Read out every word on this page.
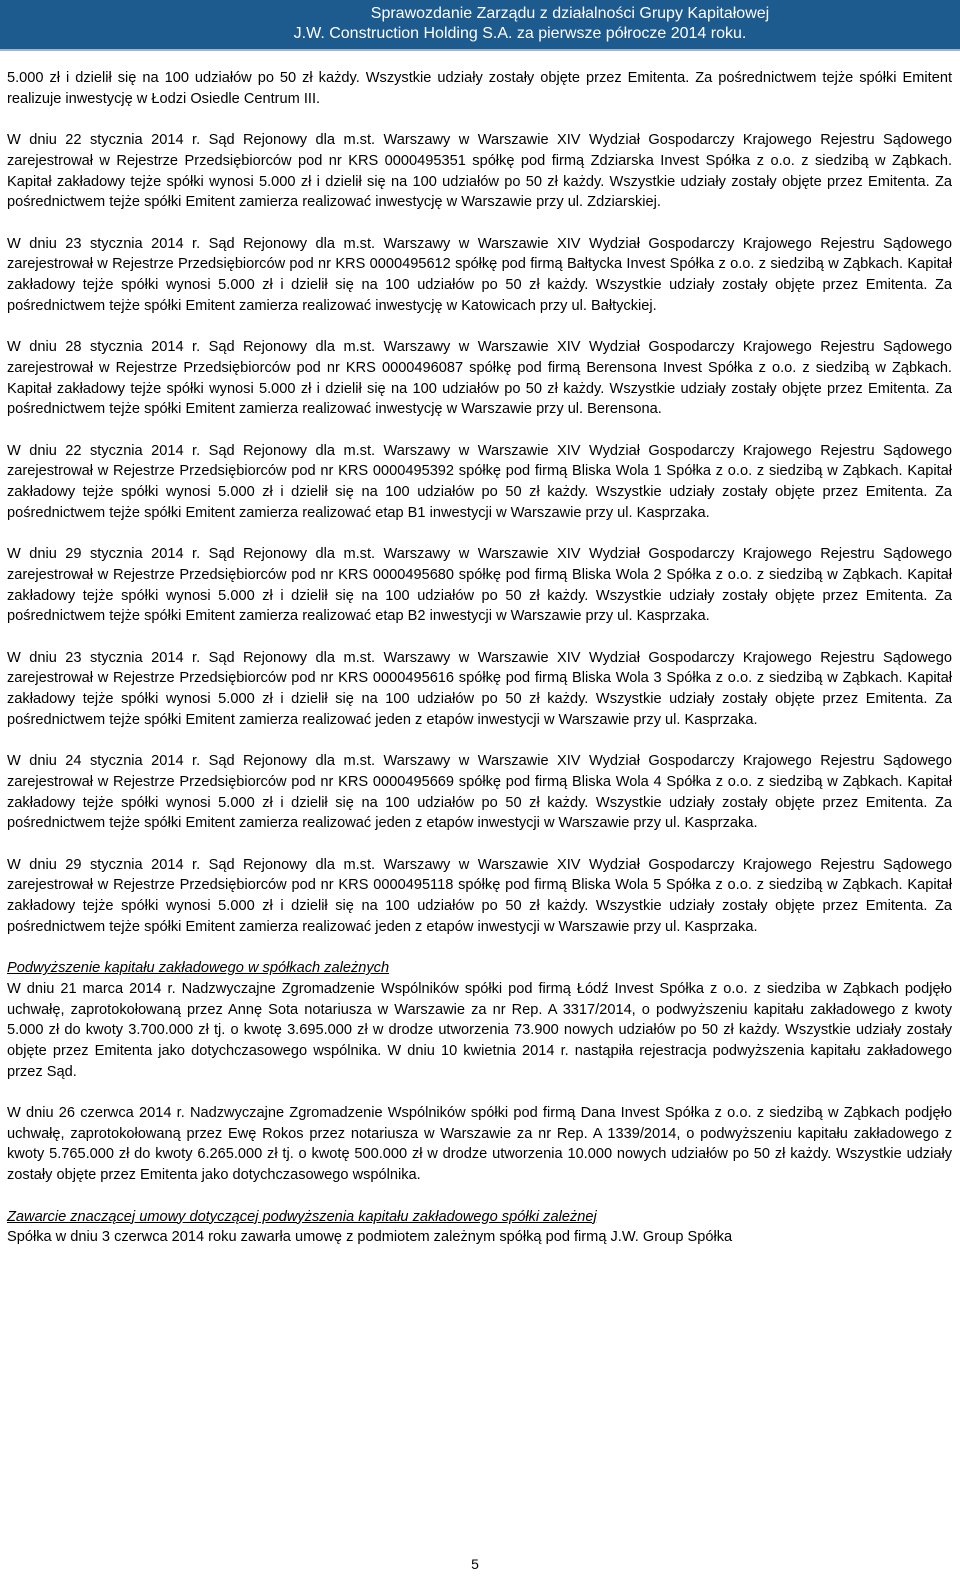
Sprawozdanie Zarządu z działalności Grupy Kapitałowej
J.W. Construction Holding S.A. za pierwsze półrocze 2014 roku.

5.000 zł i dzielił się na 100 udziałów po 50 zł każdy. Wszystkie udziały zostały objęte przez Emitenta. Za pośrednictwem tejże spółki Emitent realizuje inwestycję w Łodzi Osiedle Centrum III.

W dniu 22 stycznia 2014 r. Sąd Rejonowy dla m.st. Warszawy w Warszawie XIV Wydział Gospodarczy Krajowego Rejestru Sądowego zarejestrował w Rejestrze Przedsiębiorców pod nr KRS 0000495351 spółkę pod firmą Zdziarska Invest Spółka z o.o. z siedzibą w Ząbkach. Kapitał zakładowy tejże spółki wynosi 5.000 zł i dzielił się na 100 udziałów po 50 zł każdy. Wszystkie udziały zostały objęte przez Emitenta. Za pośrednictwem tejże spółki Emitent zamierza realizować inwestycję w Warszawie przy ul. Zdziarskiej.

W dniu 23 stycznia 2014 r. Sąd Rejonowy dla m.st. Warszawy w Warszawie XIV Wydział Gospodarczy Krajowego Rejestru Sądowego zarejestrował w Rejestrze Przedsiębiorców pod nr KRS 0000495612 spółkę pod firmą Bałtycka Invest Spółka z o.o. z siedzibą w Ząbkach. Kapitał zakładowy tejże spółki wynosi 5.000 zł i dzielił się na 100 udziałów po 50 zł każdy. Wszystkie udziały zostały objęte przez Emitenta. Za pośrednictwem tejże spółki Emitent zamierza realizować inwestycję w Katowicach przy ul. Bałtyckiej.

W dniu 28 stycznia 2014 r. Sąd Rejonowy dla m.st. Warszawy w Warszawie XIV Wydział Gospodarczy Krajowego Rejestru Sądowego zarejestrował w Rejestrze Przedsiębiorców pod nr KRS 0000496087 spółkę pod firmą Berensona Invest Spółka z o.o. z siedzibą w Ząbkach. Kapitał zakładowy tejże spółki wynosi 5.000 zł i dzielił się na 100 udziałów po 50 zł każdy. Wszystkie udziały zostały objęte przez Emitenta. Za pośrednictwem tejże spółki Emitent zamierza realizować inwestycję w Warszawie przy ul. Berensona.

W dniu 22 stycznia 2014 r. Sąd Rejonowy dla m.st. Warszawy w Warszawie XIV Wydział Gospodarczy Krajowego Rejestru Sądowego zarejestrował w Rejestrze Przedsiębiorców pod nr KRS 0000495392 spółkę pod firmą Bliska Wola 1 Spółka z o.o. z siedzibą w Ząbkach. Kapitał zakładowy tejże spółki wynosi 5.000 zł i dzielił się na 100 udziałów po 50 zł każdy. Wszystkie udziały zostały objęte przez Emitenta. Za pośrednictwem tejże spółki Emitent zamierza realizować etap B1 inwestycji w Warszawie przy ul. Kasprzaka.

W dniu 29 stycznia 2014 r. Sąd Rejonowy dla m.st. Warszawy w Warszawie XIV Wydział Gospodarczy Krajowego Rejestru Sądowego zarejestrował w Rejestrze Przedsiębiorców pod nr KRS 0000495680 spółkę pod firmą Bliska Wola 2 Spółka z o.o. z siedzibą w Ząbkach. Kapitał zakładowy tejże spółki wynosi 5.000 zł i dzielił się na 100 udziałów po 50 zł każdy. Wszystkie udziały zostały objęte przez Emitenta. Za pośrednictwem tejże spółki Emitent zamierza realizować etap B2 inwestycji w Warszawie przy ul. Kasprzaka.

W dniu 23 stycznia 2014 r. Sąd Rejonowy dla m.st. Warszawy w Warszawie XIV Wydział Gospodarczy Krajowego Rejestru Sądowego zarejestrował w Rejestrze Przedsiębiorców pod nr KRS 0000495616 spółkę pod firmą Bliska Wola 3 Spółka z o.o. z siedzibą w Ząbkach. Kapitał zakładowy tejże spółki wynosi 5.000 zł i dzielił się na 100 udziałów po 50 zł każdy. Wszystkie udziały zostały objęte przez Emitenta. Za pośrednictwem tejże spółki Emitent zamierza realizować jeden z etapów inwestycji w Warszawie przy ul. Kasprzaka.

W dniu 24 stycznia 2014 r. Sąd Rejonowy dla m.st. Warszawy w Warszawie XIV Wydział Gospodarczy Krajowego Rejestru Sądowego zarejestrował w Rejestrze Przedsiębiorców pod nr KRS 0000495669 spółkę pod firmą Bliska Wola 4 Spółka z o.o. z siedzibą w Ząbkach. Kapitał zakładowy tejże spółki wynosi 5.000 zł i dzielił się na 100 udziałów po 50 zł każdy. Wszystkie udziały zostały objęte przez Emitenta. Za pośrednictwem tejże spółki Emitent zamierza realizować jeden z etapów inwestycji w Warszawie przy ul. Kasprzaka.

W dniu 29 stycznia 2014 r. Sąd Rejonowy dla m.st. Warszawy w Warszawie XIV Wydział Gospodarczy Krajowego Rejestru Sądowego zarejestrował w Rejestrze Przedsiębiorców pod nr KRS 0000495118 spółkę pod firmą Bliska Wola 5 Spółka z o.o. z siedzibą w Ząbkach. Kapitał zakładowy tejże spółki wynosi 5.000 zł i dzielił się na 100 udziałów po 50 zł każdy. Wszystkie udziały zostały objęte przez Emitenta. Za pośrednictwem tejże spółki Emitent zamierza realizować jeden z etapów inwestycji w Warszawie przy ul. Kasprzaka.

Podwyższenie kapitału zakładowego w spółkach zależnych

W dniu 21 marca 2014 r. Nadzwyczajne Zgromadzenie Wspólników spółki pod firmą Łódź Invest Spółka z o.o. z siedziba w Ząbkach podjęło uchwałę, zaprotokołowaną przez Annę Sota notariusza w Warszawie za nr Rep. A 3317/2014, o podwyższeniu kapitału zakładowego z kwoty 5.000 zł do kwoty 3.700.000 zł tj. o kwotę 3.695.000 zł w drodze utworzenia 73.900 nowych udziałów po 50 zł każdy. Wszystkie udziały zostały objęte przez Emitenta jako dotychczasowego wspólnika. W dniu 10 kwietnia 2014 r. nastąpiła rejestracja podwyższenia kapitału zakładowego przez Sąd.

W dniu 26 czerwca 2014 r. Nadzwyczajne Zgromadzenie Wspólników spółki pod firmą Dana Invest Spółka z o.o. z siedzibą w Ząbkach podjęło uchwałę, zaprotokołowaną przez Ewę Rokos przez notariusza w Warszawie za nr Rep. A 1339/2014, o podwyższeniu kapitału zakładowego z kwoty 5.765.000 zł do kwoty 6.265.000 zł tj. o kwotę 500.000 zł w drodze utworzenia 10.000 nowych udziałów po 50 zł każdy. Wszystkie udziały zostały objęte przez Emitenta jako dotychczasowego wspólnika.

Zawarcie znaczącej umowy dotyczącej podwyższenia kapitału zakładowego spółki zależnej

Spółka w dniu 3 czerwca 2014 roku zawarła umowę z podmiotem zależnym spółką pod firmą J.W. Group Spółka

5
